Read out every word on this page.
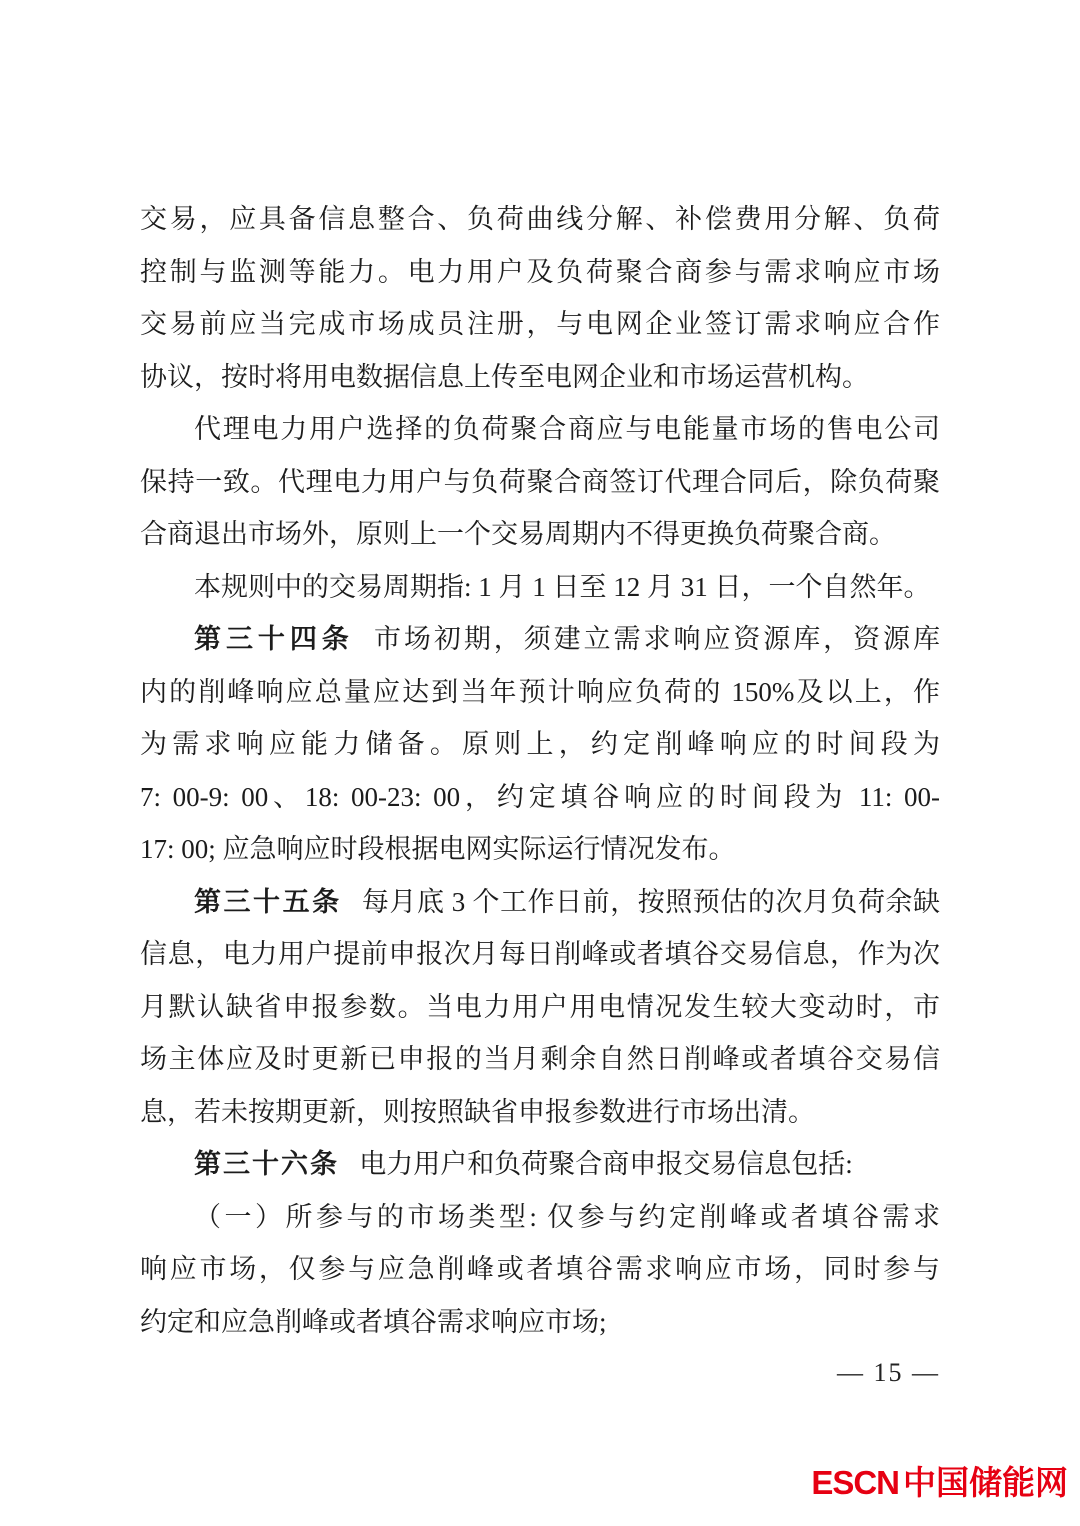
交易，应具备信息整合、负荷曲线分解、补偿费用分解、负荷
控制与监测等能力。电力用户及负荷聚合商参与需求响应市场
交易前应当完成市场成员注册，与电网企业签订需求响应合作
协议，按时将用电数据信息上传至电网企业和市场运营机构。
代理电力用户选择的负荷聚合商应与电能量市场的售电公司
保持一致。代理电力用户与负荷聚合商签订代理合同后，除负荷聚
合商退出市场外，原则上一个交易周期内不得更换负荷聚合商。
本规则中的交易周期指: 1 月 1 日至 12 月 31 日，一个自然年。
第三十四条 市场初期，须建立需求响应资源库，资源库
内的削峰响应总量应达到当年预计响应负荷的 150%及以上，作
为需求响应能力储备。原则上，约定削峰响应的时间段为
7: 00-9: 00、18: 00-23: 00，约定填谷响应的时间段为 11: 00-
17: 00; 应急响应时段根据电网实际运行情况发布。
第三十五条 每月底 3 个工作日前，按照预估的次月负荷余缺
信息，电力用户提前申报次月每日削峰或者填谷交易信息，作为次
月默认缺省申报参数。当电力用户用电情况发生较大变动时，市
场主体应及时更新已申报的当月剩余自然日削峰或者填谷交易信
息，若未按期更新，则按照缺省申报参数进行市场出清。
第三十六条 电力用户和负荷聚合商申报交易信息包括:
（一）所参与的市场类型: 仅参与约定削峰或者填谷需求
响应市场，仅参与应急削峰或者填谷需求响应市场，同时参与
约定和应急削峰或者填谷需求响应市场;
— 15 —
ESCN 中国储能网
